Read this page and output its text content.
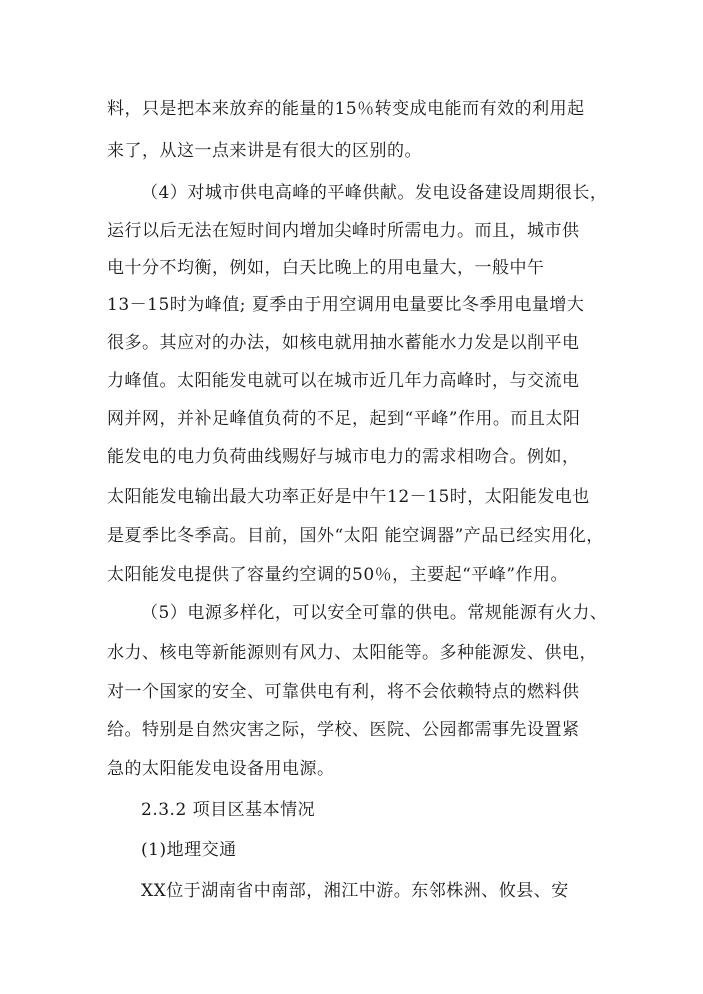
料，只是把本来放弃的能量的15％转变成电能而有效的利用起
来了，从这一点来讲是有很大的区别的。
（4）对城市供电高峰的平峰供献。发电设备建设周期很长，
运行以后无法在短时间内增加尖峰时所需电力。而且，城市供
电十分不均衡，例如，白天比晚上的用电量大，一般中午
13－15时为峰值; 夏季由于用空调用电量要比冬季用电量增大
很多。其应对的办法，如核电就用抽水蓄能水力发是以削平电
力峰值。太阳能发电就可以在城市近几年力高峰时，与交流电
网并网，并补足峰值负荷的不足，起到“平峰”作用。而且太阳
能发电的电力负荷曲线赐好与城市电力的需求相吻合。例如，
太阳能发电输出最大功率正好是中午12－15时，太阳能发电也
是夏季比冬季高。目前，国外“太阳 能空调器”产品已经实用化，
太阳能发电提供了容量约空调的50％，主要起“平峰”作用。
（5）电源多样化，可以安全可靠的供电。常规能源有火力、
水力、核电等新能源则有风力、太阳能等。多种能源发、供电，
对一个国家的安全、可靠供电有利，将不会依赖特点的燃料供
给。特别是自然灾害之际，学校、医院、公园都需事先设置紧
急的太阳能发电设备用电源。
2.3.2 项目区基本情况
(1)地理交通
XX位于湖南省中南部，湘江中游。东邻株洲、攸县、安
